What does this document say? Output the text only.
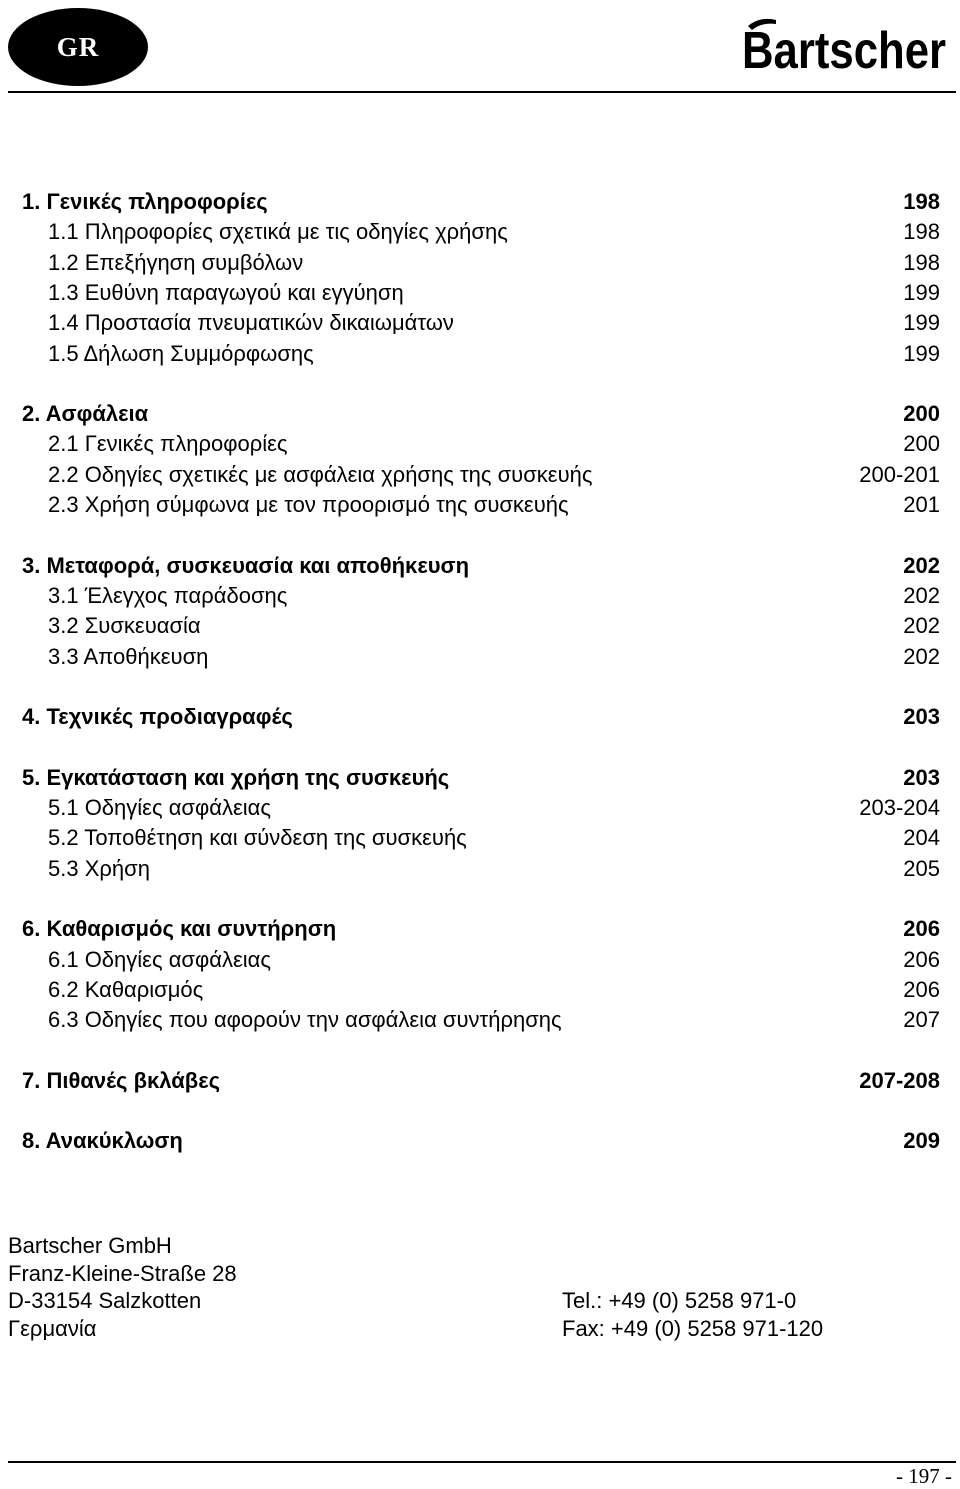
GR	Bartscher
1. Γενικές πληροφορίες	198
1.1 Πληροφορίες σχετικά με τις οδηγίες χρήσης	198
1.2 Επεξήγηση συμβόλων	198
1.3 Ευθύνη παραγωγού και εγγύηση	199
1.4 Προστασία πνευματικών δικαιωμάτων	199
1.5 Δήλωση Συμμόρφωσης	199
2. Ασφάλεια	200
2.1 Γενικές πληροφορίες	200
2.2 Οδηγίες σχετικές με ασφάλεια χρήσης της συσκευής	200-201
2.3 Χρήση σύμφωνα με τον προορισμό της συσκευής	201
3. Μεταφορά, συσκευασία και αποθήκευση	202
3.1 Έλεγχος παράδοσης	202
3.2 Συσκευασία	202
3.3 Αποθήκευση	202
4. Τεχνικές προδιαγραφές	203
5. Εγκατάσταση και χρήση της συσκευής	203
5.1 Οδηγίες ασφάλειας	203-204
5.2 Τοποθέτηση και σύνδεση της συσκευής	204
5.3 Χρήση	205
6. Καθαρισμός και συντήρηση	206
6.1 Οδηγίες ασφάλειας	206
6.2 Καθαρισμός	206
6.3 Οδηγίες που αφορούν την ασφάλεια συντήρησης	207
7. Πιθανές βκλάβες	207-208
8. Ανακύκλωση	209
Bartscher GmbH
Franz-Kleine-Straße 28
D-33154 Salzkotten
Γερμανία
Tel.: +49 (0) 5258 971-0
Fax: +49 (0) 5258 971-120
- 197 -
